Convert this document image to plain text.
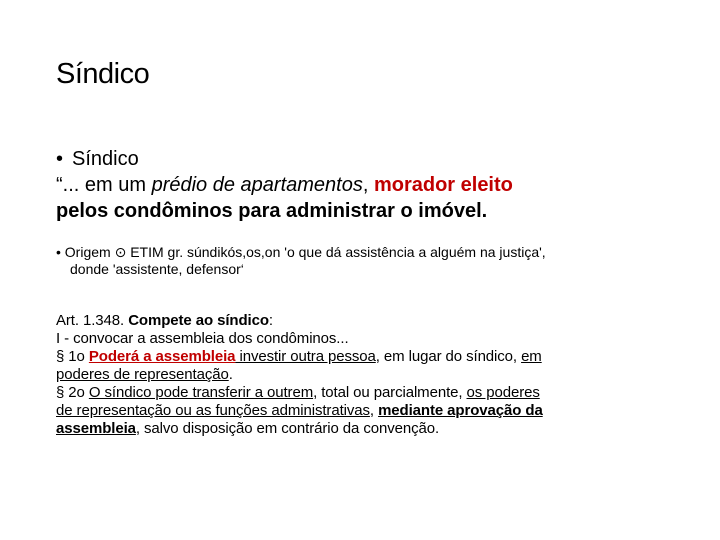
Síndico
• Síndico
“... em um prédio de apartamentos, morador eleito
pelos condôminos para administrar o imóvel.
• Origem ⊙ ETIM gr. súndikós,os,on 'o que dá assistência a alguém na justiça',
donde 'assistente, defensor‘
Art. 1.348. Compete ao síndico:
I - convocar a assembleia dos condôminos...
§ 1o Poderá a assembleia investir outra pessoa, em lugar do síndico, em
poderes de representação.
§ 2o O síndico pode transferir a outrem, total ou parcialmente, os poderes
de representação ou as funções administrativas, mediante aprovação da
assembleia, salvo disposição em contrário da convenção.
